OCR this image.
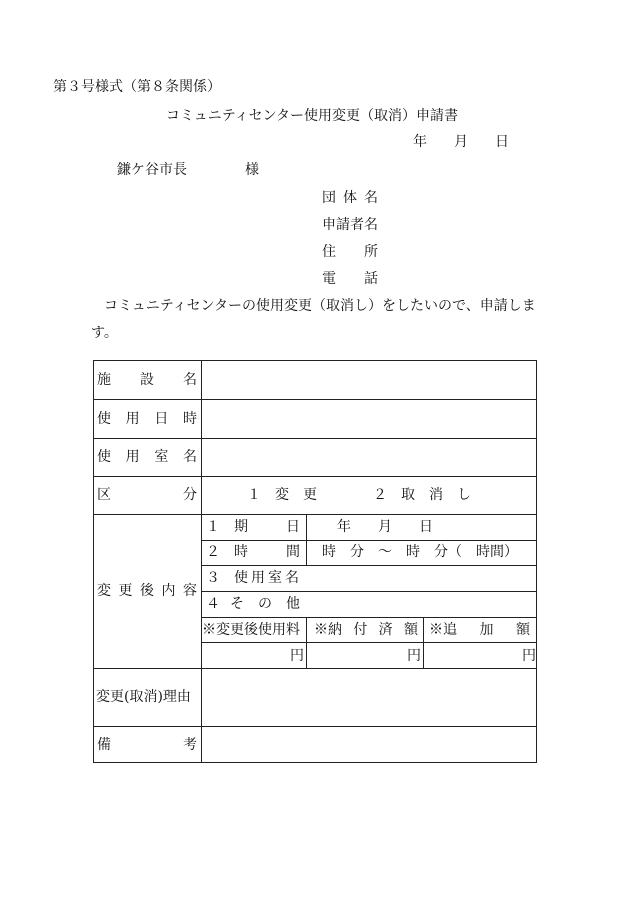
第３号様式（第８条関係）
コミュニティセンター使用変更（取消）申請書
年 月 日
鎌ケ谷市長	様
団 体 名
申請者名
住 所
電 話
コミュニティセンターの使用変更（取消し）をしたいので、申請しま
す。
施 設 名
使 用 日 時
使 用 室 名
区	分	１　変　更	２　取　消　し
変 更 後 内 容
１ 期	日	年 月 日
２ 時	間 時　分　〜　時　分（　時間）
３ 使用室名
４ そ　の　他
※変更後使用料 ※納 付 済 額 ※追 加 額
円	円	円
変更(取消)理由
備	考
